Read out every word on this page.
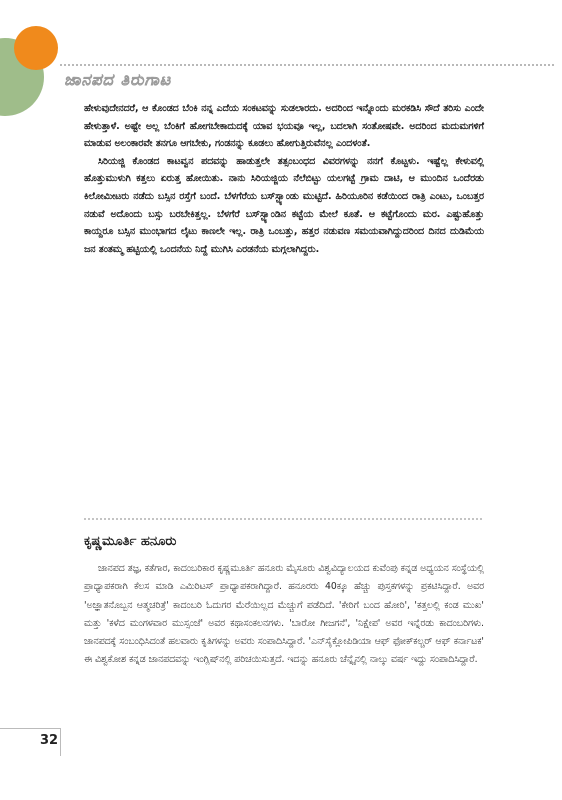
ಜಾನಪದ ತಿರುಗಾಟ

ಹೇಳುವುದೇನದರೆ, ಆ ಕೊಂಡದ ಬೆಂಕಿ ನನ್ನ ಎದೆಯ ಸಂಕಟವನ್ನು ಸುಡಲಾರದು. ಅದರಿಂದ ಇನ್ನೊಂದು ಮರಕಡಿಸಿ ಸೌದೆ ತರಿಸು ಎಂದೇ ಹೇಳುತ್ತಾಳೆ. ಅಷ್ಟೇ ಅಲ್ಲ ಬೆಂಕಿಗೆ ಹೋಗಬೇಕಾದುದಕ್ಕೆ ಯಾವ ಭಯವೂ ಇಲ್ಲ, ಬದಲಾಗಿ ಸಂತೋಷವೇ. ಅದರಿಂದ ಮದುಮಗಳಿಗೆ ಮಾಡುವ ಅಲಂಕಾರವೇ ತನಗೂ ಆಗಬೇಕು, ಗಂಡನನ್ನು ಕೂಡಲು ಹೋಗುತ್ತಿರುವೆನಲ್ಲ ಎಂದಳಂತೆ.

ಸಿರಿಯಜ್ಜಿ ಕೊಂಡದ ಕಾಟವ್ವನ ಪದವನ್ನು ಹಾಡುತ್ತಲೇ ತತ್ಸಂಬಂಧದ ವಿವರಗಳನ್ನು ನನಗೆ ಕೊಟ್ಟಳು. ಇಷ್ಟೆಲ್ಲ ಕೇಳುವಲ್ಲಿ ಹೊತ್ತುಮುಳುಗಿ ಕತ್ತಲು ಏರುತ್ತ ಹೋಯಿತು. ನಾನು ಸಿರಿಯಜ್ಜಿಯ ನೆಲೆಬಿಟ್ಟು ಯಲಗಟ್ಟೆ ಗ್ರಾಮ ದಾಟಿ, ಆ ಮುಂದಿನ ಒಂದೆರಡು ಕಿಲೋಮೀಟರು ನಡೆದು ಬಸ್ಸಿನ ರಸ್ತೆಗೆ ಬಂದೆ. ಬೆಳಗೆರೆಯ ಬಸ್‌ಸ್ಟ್ಯಾಂಡು ಮುಟ್ಟಿದೆ. ಹಿರಿಯೂರಿನ ಕಡೆಯಿಂದ ರಾತ್ರಿ ಎಂಟು, ಒಂಬತ್ತರ ನಡುವೆ ಅದೊಂದು ಬಸ್ಸು ಬರಬೇಕಿತ್ತಲ್ಲ. ಬೆಳಗೆರೆ ಬಸ್‌ಸ್ಟ್ಯಾಂಡಿನ ಕಟ್ಟೆಯ ಮೇಲೆ ಕೂತೆ. ಆ ಕಟ್ಟೆಗೊಂದು ಮರ. ಎಷ್ಟುಹೊತ್ತು ಕಾಯ್ದರೂ ಬಸ್ಸಿನ ಮುಂಭಾಗದ ಲೈಟು ಕಾಣಲೇ ಇಲ್ಲ. ರಾತ್ರಿ ಒಂಬತ್ತು, ಹತ್ತರ ನಡುವಣ ಸಮಯವಾಗಿದ್ದುದರಿಂದ ದಿನದ ದುಡಿಮೆಯ ಜನ ತಂತಮ್ಮ ಹಟ್ಟಿಯಲ್ಲಿ ಒಂದನೆಯ ನಿದ್ದೆ ಮುಗಿಸಿ ಎರಡನೆಯ ಮಗ್ಗಲಾಗಿದ್ದರು.

ಕೃಷ್ಣಮೂರ್ತಿ ಹನೂರು

ಜಾನಪದ ತಜ್ಞ, ಕತೆಗಾರ, ಕಾದಂಬರಿಕಾರ ಕೃಷ್ಣಮೂರ್ತಿ ಹನೂರು ಮೈಸೂರು ವಿಶ್ವವಿದ್ಯಾಲಯದ ಕುವೆಂಪು ಕನ್ನಡ ಅಧ್ಯಯನ ಸಂಸ್ಥೆಯಲ್ಲಿ ಪ್ರಾಧ್ಯಾಪಕರಾಗಿ ಕೆಲಸ ಮಾಡಿ ಎಮಿರಿಟಸ್ ಪ್ರಾಧ್ಯಾಪಕರಾಗಿದ್ದಾರೆ. ಹನೂರರು 40ಕ್ಕೂ ಹೆಚ್ಚು ಪುಸ್ತಕಗಳನ್ನು ಪ್ರಕಟಿಸಿದ್ದಾರೆ. ಅವರ 'ಅಜ್ಞಾತನೊಬ್ಬನ ಆತ್ಮಚರಿತ್ರೆ' ಕಾದಂಬರಿ ಓದುಗರ ಮೆರೆಯಿಲ್ಲದ ಮೆಚ್ಚುಗೆ ಪಡೆದಿದೆ. 'ಕೇರಿಗೆ ಬಂದ ಹೋರಿ', 'ಕತ್ತಲಲ್ಲಿ ಕಂಡ ಮುಖ' ಮತ್ತು 'ಕಳೆದ ಮಂಗಳವಾರ ಮುಸ್ಸಂಜೆ' ಅವರ ಕಥಾಸಂಕಲನಗಳು. 'ಬಾರೋ ಗೀಜಗನೆ', 'ನಿಕ್ಷೇಪ' ಅವರ ಇನ್ನೆರಡು ಕಾದಂಬರಿಗಳು. ಜಾನಪದಕ್ಕೆ ಸಂಬಂಧಿಸಿದಂತೆ ಹಲವಾರು ಕೃತಿಗಳನ್ನು ಅವರು ಸಂಪಾದಿಸಿದ್ದಾರೆ. 'ಎನ್‌ಸೈಕ್ಲೋಪಿಡಿಯಾ ಆಫ್ ಫೋಕ್‌ಕಲ್ಚರ್ ಆಫ್ ಕರ್ನಾಟಕ' ಈ ವಿಶ್ವಕೋಶ ಕನ್ನಡ ಜಾನಪದವನ್ನು ಇಂಗ್ಲಿಷ್‌ನಲ್ಲಿ ಪರಿಚಯಿಸುತ್ತದೆ. ಇದನ್ನು ಹನೂರು ಚೆನ್ನೈನಲ್ಲಿ ನಾಲ್ಕು ವರ್ಷ ಇದ್ದು ಸಂಪಾದಿಸಿದ್ದಾರೆ.

32
